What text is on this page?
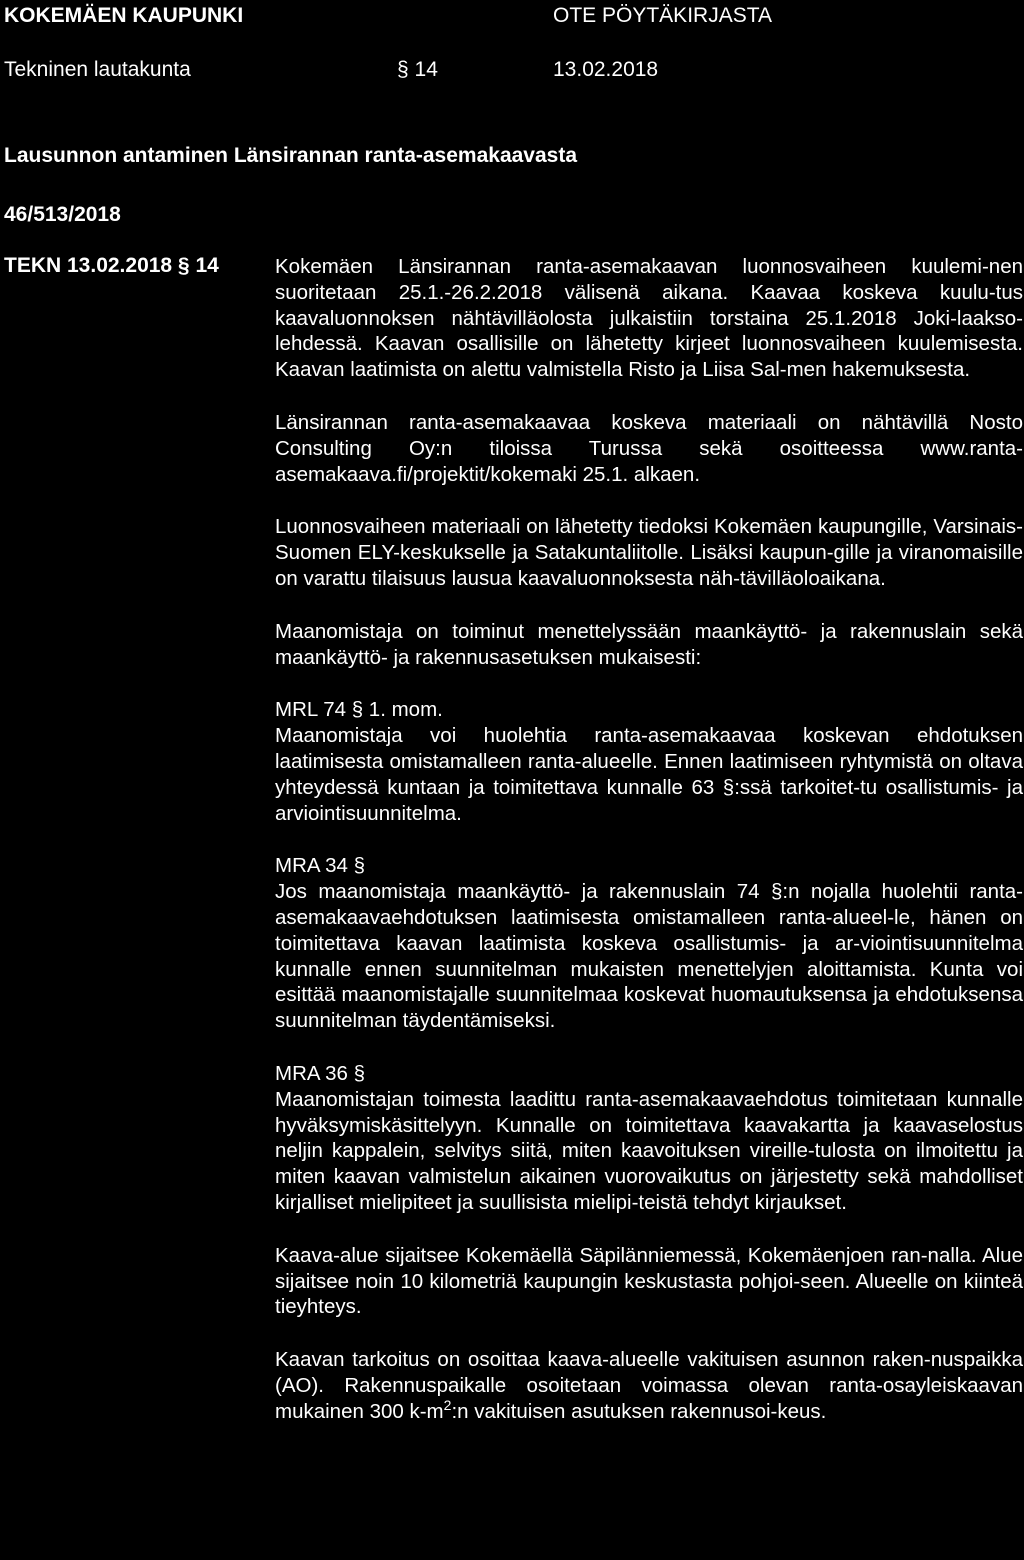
KOKEMÄEN KAUPUNKI	OTE PÖYTÄKIRJASTA
Tekninen lautakunta	§ 14	13.02.2018
Lausunnon antaminen Länsirannan ranta-asemakaavasta
46/513/2018
TEKN 13.02.2018 § 14	Kokemäen Länsirannan ranta-asemakaavan luonnosvaiheen kuulemi-nen suoritetaan 25.1.-26.2.2018 välisenä aikana. Kaavaa koskeva kuulu-tus kaavaluonnoksen nähtävilläolosta julkaistiin torstaina 25.1.2018 Joki-laakso-lehdessä. Kaavan osallisille on lähetetty kirjeet luonnosvaiheen kuulemisesta. Kaavan laatimista on alettu valmistella Risto ja Liisa Sal-men hakemuksesta.

Länsirannan ranta-asemakaavaa koskeva materiaali on nähtävillä Nosto Consulting Oy:n tiloissa Turussa sekä osoitteessa www.ranta-asemakaava.fi/projektit/kokemaki 25.1. alkaen.

Luonnosvaiheen materiaali on lähetetty tiedoksi Kokemäen kaupungille, Varsinais-Suomen ELY-keskukselle ja Satakuntaliitolle. Lisäksi kaupun-gille ja viranomaisille on varattu tilaisuus lausua kaavaluonnoksesta näh-tävilläoloaikana.

Maanomistaja on toiminut menettelyssään maankäyttö- ja rakennuslain sekä maankäyttö- ja rakennusasetuksen mukaisesti:

MRL 74 § 1. mom.
Maanomistaja voi huolehtia ranta-asemakaavaa koskevan ehdotuksen laatimisesta omistamalleen ranta-alueelle. Ennen laatimiseen ryhtymistä on oltava yhteydessä kuntaan ja toimitettava kunnalle 63 §:ssä tarkoitet-tu osallistumis- ja arviointisuunnitelma.
MRA 34 §
Jos maanomistaja maankäyttö- ja rakennuslain 74 §:n nojalla huolehtii ranta-asemakaavaehdotuksen laatimisesta omistamalleen ranta-alueel-le, hänen on toimitettava kaavan laatimista koskeva osallistumis- ja ar-viointisuunnitelma kunnalle ennen suunnitelman mukaisten menettelyjen aloittamista. Kunta voi esittää maanomistajalle suunnitelmaa koskevat huomautuksensa ja ehdotuksensa suunnitelman täydentämiseksi.
MRA 36 §
Maanomistajan toimesta laadittu ranta-asemakaavaehdotus toimitetaan kunnalle hyväksymiskäsittelyyn. Kunnalle on toimitettava kaavakartta ja kaavaselostus neljin kappalein, selvitys siitä, miten kaavoituksen vireille-tulosta on ilmoitettu ja miten kaavan valmistelun aikainen vuorovaikutus on järjestetty sekä mahdolliset kirjalliset mielipiteet ja suullisista mielipi-teistä tehdyt kirjaukset.

Kaava-alue sijaitsee Kokemäellä Säpilänniemessä, Kokemäenjoen ran-nalla. Alue sijaitsee noin 10 kilometriä kaupungin keskustasta pohjoi-seen. Alueelle on kiinteä tieyhteys.

Kaavan tarkoitus on osoittaa kaava-alueelle vakituisen asunnon raken-nuspaikka (AO). Rakennuspaikalle osoitetaan voimassa olevan ranta-osayleiskaavan mukainen 300 $k-m^2:n$ vakituisen asutuksen rakennusoi-keus.
